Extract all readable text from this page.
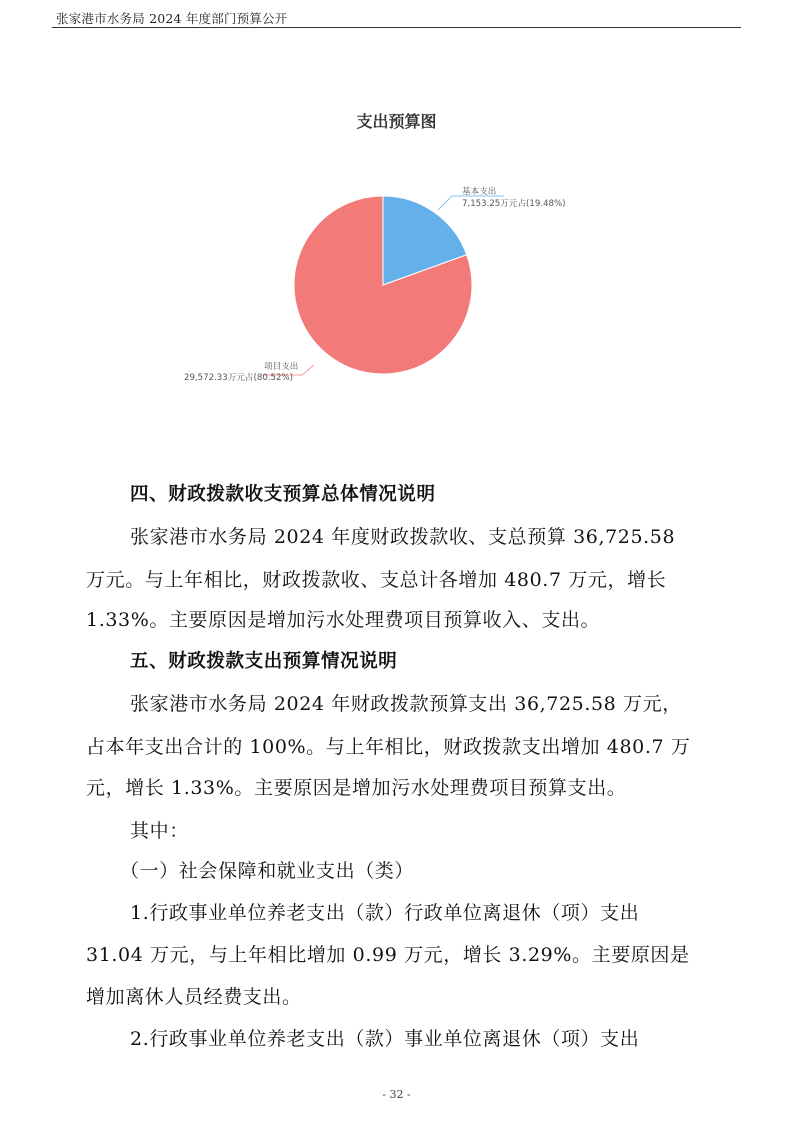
张家港市水务局 2024 年度部门预算公开
支出预算图
基本支出
7,153.25万元占(19.48%)
项目支出
29,572.33万元占(80.52%)
四、财政拨款收支预算总体情况说明
张家港市水务局 2024 年度财政拨款收、支总预算 36,725.58
万元。与上年相比，财政拨款收、支总计各增加 480.7 万元，增长
1.33%。主要原因是增加污水处理费项目预算收入、支出。
五、财政拨款支出预算情况说明
张家港市水务局 2024 年财政拨款预算支出 36,725.58 万元，
占本年支出合计的 100%。与上年相比，财政拨款支出增加 480.7 万
元，增长 1.33%。主要原因是增加污水处理费项目预算支出。
其中：
（一）社会保障和就业支出（类）
1.行政事业单位养老支出（款）行政单位离退休（项）支出
31.04 万元，与上年相比增加 0.99 万元，增长 3.29%。主要原因是
增加离休人员经费支出。
2.行政事业单位养老支出（款）事业单位离退休（项）支出
- 32 -
